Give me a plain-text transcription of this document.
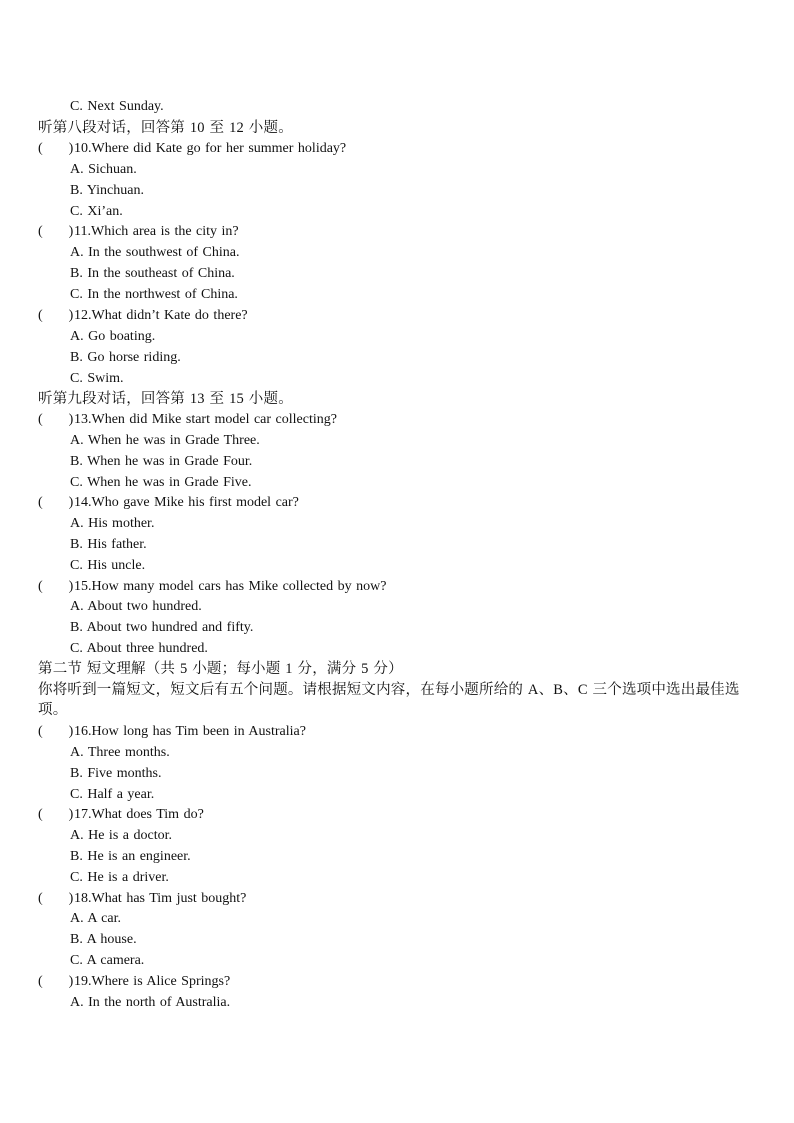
C. Next Sunday.
听第八段对话，回答第 10 至 12 小题。
( )10.Where did Kate go for her summer holiday?
A. Sichuan.
B. Yinchuan.
C. Xi’an.
( )11.Which area is the city in?
A. In the southwest of China.
B. In the southeast of China.
C. In the northwest of China.
( )12.What didn’t Kate do there?
A. Go boating.
B. Go horse riding.
C. Swim.
听第九段对话，回答第 13 至 15 小题。
( )13.When did Mike start model car collecting?
A. When he was in Grade Three.
B. When he was in Grade Four.
C. When he was in Grade Five.
( )14.Who gave Mike his first model car?
A. His mother.
B. His father.
C. His uncle.
( )15.How many model cars has Mike collected by now?
A. About two hundred.
B. About two hundred and fifty.
C. About three hundred.
第二节 短文理解（共 5 小题；每小题 1 分，满分 5 分）
你将听到一篇短文，短文后有五个问题。请根据短文内容，在每小题所给的 A、B、C 三个选项中选出最佳选项。
( )16.How long has Tim been in Australia?
A. Three months.
B. Five months.
C. Half a year.
( )17.What does Tim do?
A. He is a doctor.
B. He is an engineer.
C. He is a driver.
( )18.What has Tim just bought?
A. A car.
B. A house.
C. A camera.
( )19.Where is Alice Springs?
A. In the north of Australia.
